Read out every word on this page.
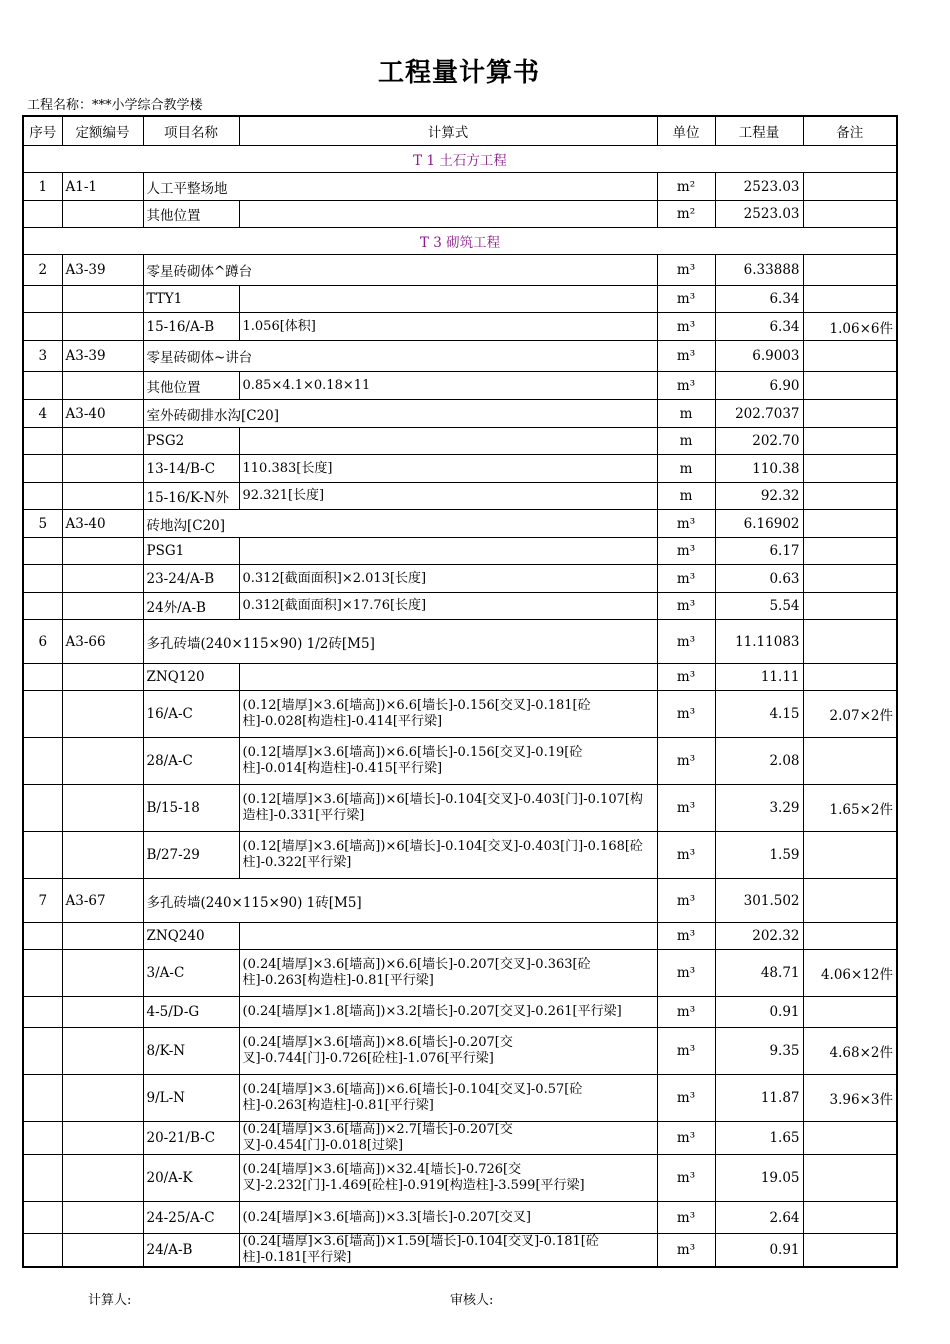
工程量计算书
工程名称：***小学综合教学楼
序号	定额编号	项目名称	计算式	单位	工程量	备注
T 1 土石方工程						
1	A1-1	人工平整场地		m²	2523.03	
		其他位置		m²	2523.03	
T 3 砌筑工程						
2	A3-39	零星砖砌体^蹲台		m³	6.33888	
		TTY1		m³	6.34	
		15-16/A-B	1.056[体积]	m³	6.34	1.06×6件
3	A3-39	零星砖砌体~讲台		m³	6.9003	
		其他位置	0.85×4.1×0.18×11	m³	6.90	
4	A3-40	室外砖砌排水沟[C20]		m	202.7037	
		PSG2		m	202.70	
		13-14/B-C	110.383[长度]	m	110.38	
		15-16/K-N外	92.321[长度]	m	92.32	
5	A3-40	砖地沟[C20]		m³	6.16902	
		PSG1		m³	6.17	
		23-24/A-B	0.312[截面面积]×2.013[长度]	m³	0.63	
		24外/A-B	0.312[截面面积]×17.76[长度]	m³	5.54	
6	A3-66	多孔砖墙(240×115×90) 1/2砖[M5]		m³	11.11083	
		ZNQ120		m³	11.11	
		16/A-C	(0.12[墙厚]×3.6[墙高])×6.6[墙长]-0.156[交叉]-0.181[砼柱]-0.028[构造柱]-0.414[平行梁]	m³	4.15	2.07×2件
		28/A-C	(0.12[墙厚]×3.6[墙高])×6.6[墙长]-0.156[交叉]-0.19[砼柱]-0.014[构造柱]-0.415[平行梁]	m³	2.08	
		B/15-18	(0.12[墙厚]×3.6[墙高])×6[墙长]-0.104[交叉]-0.403[门]-0.107[构造柱]-0.331[平行梁]	m³	3.29	1.65×2件
		B/27-29	(0.12[墙厚]×3.6[墙高])×6[墙长]-0.104[交叉]-0.403[门]-0.168[砼柱]-0.322[平行梁]	m³	1.59	
7	A3-67	多孔砖墙(240×115×90) 1砖[M5]		m³	301.502	
		ZNQ240		m³	202.32	
		3/A-C	(0.24[墙厚]×3.6[墙高])×6.6[墙长]-0.207[交叉]-0.363[砼柱]-0.263[构造柱]-0.81[平行梁]	m³	48.71	4.06×12件
		4-5/D-G	(0.24[墙厚]×1.8[墙高])×3.2[墙长]-0.207[交叉]-0.261[平行梁]	m³	0.91	
		8/K-N	(0.24[墙厚]×3.6[墙高])×8.6[墙长]-0.207[交叉]-0.744[门]-0.726[砼柱]-1.076[平行梁]	m³	9.35	4.68×2件
		9/L-N	(0.24[墙厚]×3.6[墙高])×6.6[墙长]-0.104[交叉]-0.57[砼柱]-0.263[构造柱]-0.81[平行梁]	m³	11.87	3.96×3件
		20-21/B-C	(0.24[墙厚]×3.6[墙高])×2.7[墙长]-0.207[交叉]-0.454[门]-0.018[过梁]	m³	1.65	
		20/A-K	(0.24[墙厚]×3.6[墙高])×32.4[墙长]-0.726[交叉]-2.232[门]-1.469[砼柱]-0.919[构造柱]-3.599[平行梁]	m³	19.05	
		24-25/A-C	(0.24[墙厚]×3.6[墙高])×3.3[墙长]-0.207[交叉]	m³	2.64	
		24/A-B	(0.24[墙厚]×3.6[墙高])×1.59[墙长]-0.104[交叉]-0.181[砼柱]-0.181[平行梁]	m³	0.91	
计算人:	审核人:
